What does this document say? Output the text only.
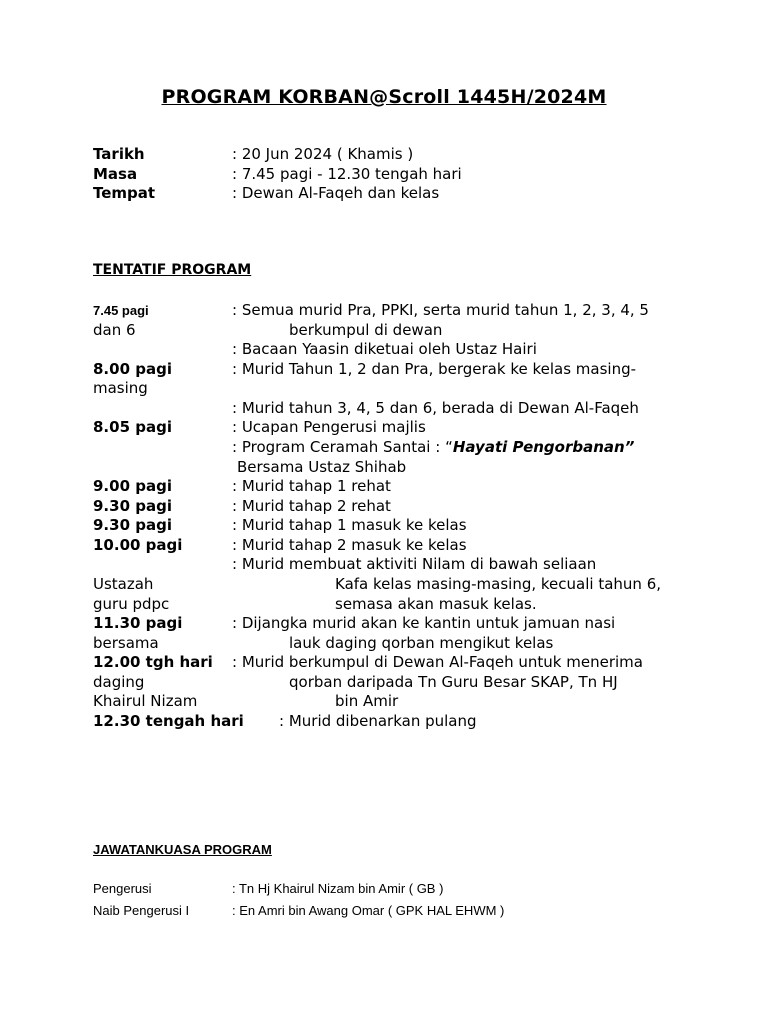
PROGRAM KORBAN@Scroll 1445H/2024M
Tarikh	: 20 Jun 2024 ( Khamis )
Masa	: 7.45 pagi - 12.30 tengah hari
Tempat	: Dewan Al-Faqeh dan kelas
TENTATIF PROGRAM
7.45 pagi	: Semua murid Pra, PPKI, serta murid tahun 1, 2, 3, 4, 5
dan 6	berkumpul di dewan
: Bacaan Yaasin diketuai oleh Ustaz Hairi
8.00 pagi	: Murid Tahun 1, 2 dan Pra, bergerak ke kelas masing-
masing
: Murid tahun 3, 4, 5 dan 6, berada di Dewan Al-Faqeh
8.05 pagi	: Ucapan Pengerusi majlis
: Program Ceramah Santai : “Hayati Pengorbanan”
Bersama Ustaz Shihab
9.00 pagi	: Murid tahap 1 rehat
9.30 pagi	: Murid tahap 2 rehat
9.30 pagi	: Murid tahap 1 masuk ke kelas
10.00 pagi	: Murid tahap 2 masuk ke kelas
: Murid membuat aktiviti Nilam di bawah seliaan
Ustazah	Kafa kelas masing-masing, kecuali tahun 6,
guru pdpc	semasa akan masuk kelas.
11.30 pagi	: Dijangka murid akan ke kantin untuk jamuan nasi
bersama	lauk daging qorban mengikut kelas
12.00 tgh hari : Murid berkumpul di Dewan Al-Faqeh untuk menerima
daging	qorban daripada Tn Guru Besar SKAP, Tn HJ
Khairul Nizam	bin Amir
12.30 tengah hari : Murid dibenarkan pulang
JAWATANKUASA PROGRAM
Pengerusi	: Tn Hj Khairul Nizam bin Amir ( GB )
Naib Pengerusi I	: En Amri bin Awang Omar ( GPK HAL EHWM )
